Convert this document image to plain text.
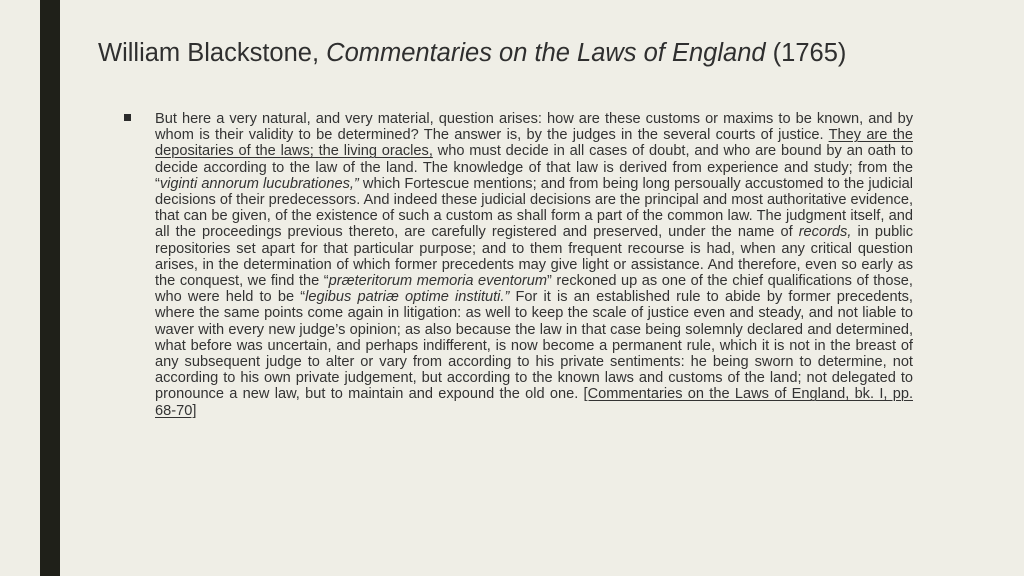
William Blackstone, Commentaries on the Laws of England (1765)

But here a very natural, and very material, question arises: how are these customs or maxims to be known, and by whom is their validity to be determined? The answer is, by the judges in the several courts of justice. They are the depositaries of the laws; the living oracles, who must decide in all cases of doubt, and who are bound by an oath to decide according to the law of the land. The knowledge of that law is derived from experience and study; from the “viginti annorum lucubrationes,” which Fortescue mentions; and from being long persoually accustomed to the judicial decisions of their predecessors. And indeed these judicial decisions are the principal and most authoritative evidence, that can be given, of the existence of such a custom as shall form a part of the common law. The judgment itself, and all the proceedings previous thereto, are carefully registered and preserved, under the name of records, in public repositories set apart for that particular purpose; and to them frequent recourse is had, when any critical question arises, in the determination of which former precedents may give light or assistance. And therefore, even so early as the conquest, we find the “præteritorum memoria eventorum” reckoned up as one of the chief qualifications of those, who were held to be “legibus patriæ optime instituti.” For it is an established rule to abide by former precedents, where the same points come again in litigation: as well to keep the scale of justice even and steady, and not liable to waver with every new judge’s opinion; as also because the law in that case being solemnly declared and determined, what before was uncertain, and perhaps indifferent, is now become a permanent rule, which it is not in the breast of any subsequent judge to alter or vary from according to his private sentiments: he being sworn to determine, not according to his own private judgement, but according to the known laws and customs of the land; not delegated to pronounce a new law, but to maintain and expound the old one. [Commentaries on the Laws of England, bk. I, pp. 68-70]
